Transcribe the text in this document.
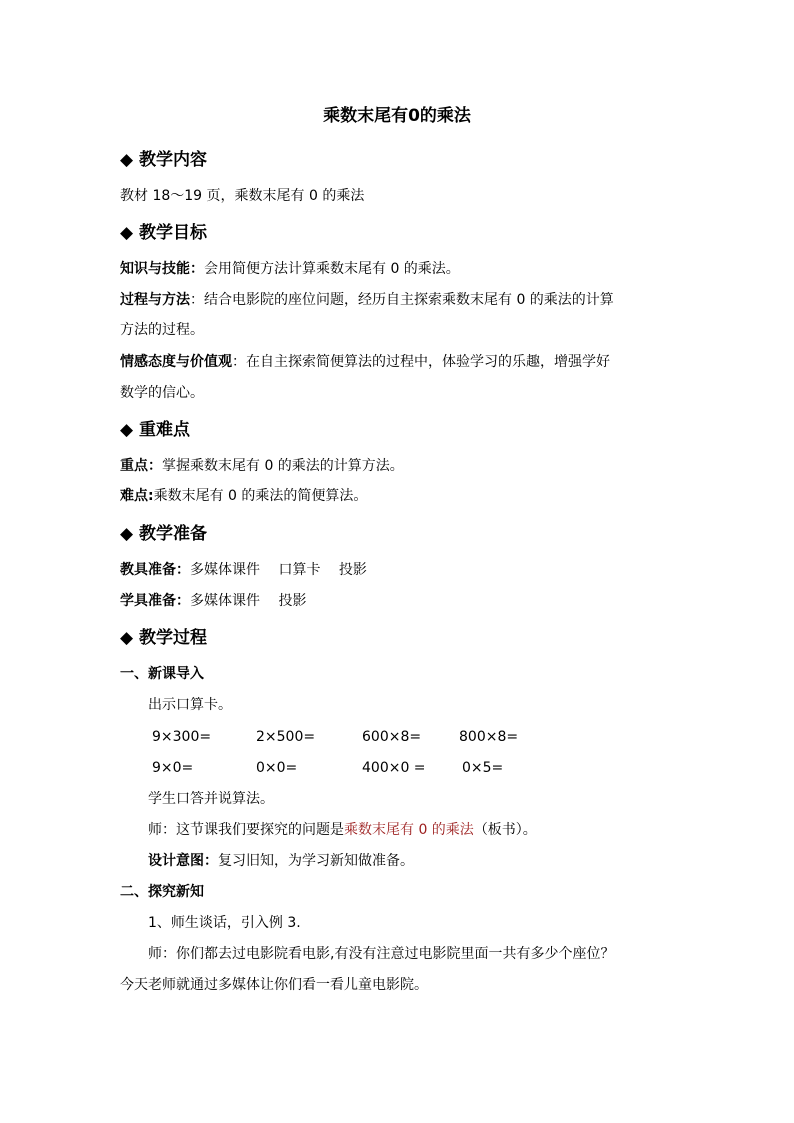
乘数末尾有0的乘法
◆ 教学内容
教材 18～19 页，乘数末尾有 0 的乘法
◆ 教学目标
知识与技能：会用简便方法计算乘数末尾有 0 的乘法。
过程与方法：结合电影院的座位问题，经历自主探索乘数末尾有 0 的乘法的计算
方法的过程。
情感态度与价值观：在自主探索简便算法的过程中，体验学习的乐趣，增强学好
数学的信心。
◆ 重难点
重点：掌握乘数末尾有 0 的乘法的计算方法。
难点:乘数末尾有 0 的乘法的简便算法。
◆ 教学准备
教具准备：多媒体课件　 口算卡　 投影
学具准备：多媒体课件　 投影
◆ 教学过程
一、新课导入
出示口算卡。
9×300=	2×500=	600×8=	800×8=
9×0=	0×0=	400×0 =	0×5=
学生口答并说算法。
师：这节课我们要探究的问题是乘数末尾有 0 的乘法（板书）。
设计意图：复习旧知，为学习新知做准备。
二、探究新知
1、师生谈话，引入例 3.
师：你们都去过电影院看电影,有没有注意过电影院里面一共有多少个座位？
今天老师就通过多媒体让你们看一看儿童电影院。
